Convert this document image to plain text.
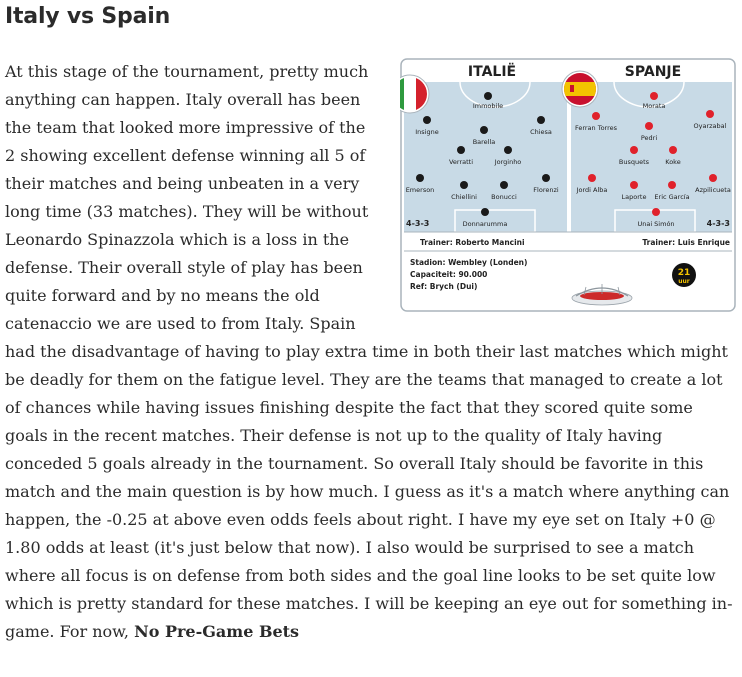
Italy vs Spain

At this stage of the tournament, pretty much anything can happen. Italy overall has been the team that looked more impressive of the 2 showing excellent defense winning all 5 of their matches and being unbeaten in a very long time (33 matches). They will be without Leonardo Spinazzola which is a loss in the defense. Their overall style of play has been quite forward and by no means the old catenaccio we are used to from Italy. Spain had the disadvantage of having to play extra time in both their last matches which might be deadly for them on the fatigue level. They are the teams that managed to create a lot of chances while having issues finishing despite the fact that they scored quite some goals in the recent matches. Their defense is not up to the quality of Italy having conceded 5 goals already in the tournament. So overall Italy should be favorite in this match and the main question is by how much. I guess as it's a match where anything can happen, the -0.25 at above even odds feels about right. I have my eye set on Italy +0 @ 1.80 odds at least (it's just below that now). I also would be surprised to see a match where all focus is on defense from both sides and the goal line looks to be set quite low which is pretty standard for these matches. I will be keeping an eye out for something in-game. For now, No Pre-Game Bets

ITALIË	SPANJE
Immobile
Insigne
Barella
Chiesa
Verratti	Jorginho
Emerson
Chiellini Bonucci
Florenzi
Donnarumma
4-3-3
Morata
Ferran Torres	Oyarzabal
Pedri
Busquets Koke
Jordi Alba
Laporte Eric García
Azpilicueta
Unai Simón	4-3-3
Trainer: Roberto Mancini	Trainer: Luis Enrique
Stadion: Wembley (Londen)
Capaciteit: 90.000
Ref: Brych (Dui)
21
uur
